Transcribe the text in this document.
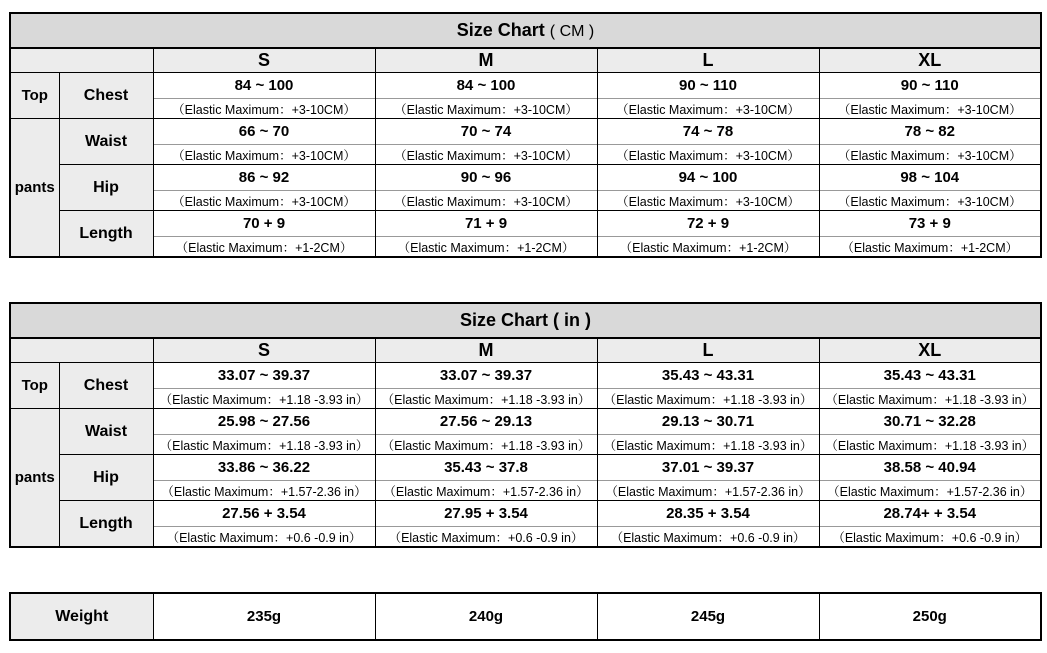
Size Chart ( CM )					
		S	M	L	XL
Top	Chest	84 ~ 100	84 ~ 100	90 ~ 110	90 ~ 110
		（Elastic Maximum：+3-10CM）	（Elastic Maximum：+3-10CM）	（Elastic Maximum：+3-10CM）	（Elastic Maximum：+3-10CM）
pants	Waist	66 ~ 70	70 ~ 74	74 ~ 78	78 ~ 82
		（Elastic Maximum：+3-10CM）	（Elastic Maximum：+3-10CM）	（Elastic Maximum：+3-10CM）	（Elastic Maximum：+3-10CM）
	Hip	86 ~ 92	90 ~ 96	94 ~ 100	98 ~ 104
		（Elastic Maximum：+3-10CM）	（Elastic Maximum：+3-10CM）	（Elastic Maximum：+3-10CM）	（Elastic Maximum：+3-10CM）
	Length	70 + 9	71 + 9	72 + 9	73 + 9
		（Elastic Maximum：+1-2CM）	（Elastic Maximum：+1-2CM）	（Elastic Maximum：+1-2CM）	（Elastic Maximum：+1-2CM）
Size Chart ( in )					
		S	M	L	XL
Top	Chest	33.07 ~ 39.37	33.07 ~ 39.37	35.43 ~ 43.31	35.43 ~ 43.31
		（Elastic Maximum：+1.18 -3.93 in）	（Elastic Maximum：+1.18 -3.93 in）	（Elastic Maximum：+1.18 -3.93 in）	（Elastic Maximum：+1.18 -3.93 in）
pants	Waist	25.98 ~ 27.56	27.56 ~ 29.13	29.13 ~ 30.71	30.71 ~ 32.28
		（Elastic Maximum：+1.18 -3.93 in）	（Elastic Maximum：+1.18 -3.93 in）	（Elastic Maximum：+1.18 -3.93 in）	（Elastic Maximum：+1.18 -3.93 in）
	Hip	33.86 ~ 36.22	35.43 ~ 37.8	37.01 ~ 39.37	38.58 ~ 40.94
		（Elastic Maximum：+1.57-2.36 in）	（Elastic Maximum：+1.57-2.36 in）	（Elastic Maximum：+1.57-2.36 in）	（Elastic Maximum：+1.57-2.36 in）
	Length	27.56 + 3.54	27.95 + 3.54	28.35 + 3.54	28.74+ + 3.54
		（Elastic Maximum：+0.6 -0.9 in）	（Elastic Maximum：+0.6 -0.9 in）	（Elastic Maximum：+0.6 -0.9 in）	（Elastic Maximum：+0.6 -0.9 in）
Weight	235g	240g	245g	250g
